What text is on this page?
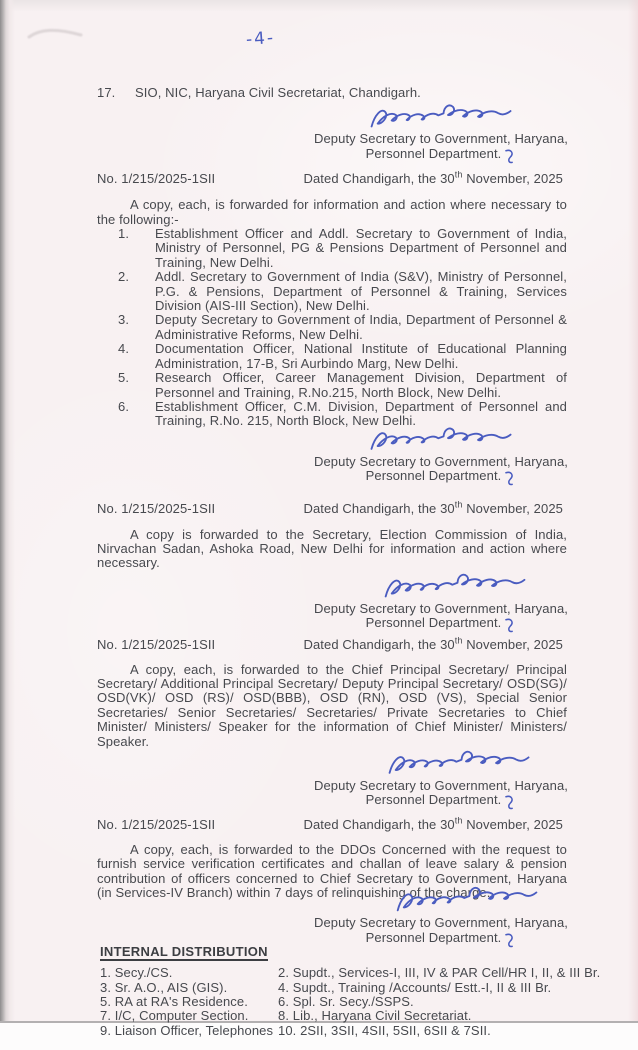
-4-
17.	SIO, NIC, Haryana Civil Secretariat, Chandigarh.
Deputy Secretary to Government, Haryana,
Personnel Department.
No. 1/215/2025-1SII	Dated Chandigarh, the 30th November, 2025

A copy, each, is forwarded for information and action where necessary to the following:-

1.	Establishment Officer and Addl. Secretary to Government of India, Ministry of Personnel, PG & Pensions Department of Personnel and Training, New Delhi.
2.	Addl. Secretary to Government of India (S&V), Ministry of Personnel, P.G. & Pensions, Department of Personnel & Training, Services Division (AIS-III Section), New Delhi.
3.	Deputy Secretary to Government of India, Department of Personnel & Administrative Reforms, New Delhi.
4.	Documentation Officer, National Institute of Educational Planning Administration, 17-B, Sri Aurbindo Marg, New Delhi.
5.	Research Officer, Career Management Division, Department of Personnel and Training, R.No.215, North Block, New Delhi.
6.	Establishment Officer, C.M. Division, Department of Personnel and Training, R.No. 215, North Block, New Delhi.
Deputy Secretary to Government, Haryana,
Personnel Department.
No. 1/215/2025-1SII	Dated Chandigarh, the 30th November, 2025

A copy is forwarded to the Secretary, Election Commission of India, Nirvachan Sadan, Ashoka Road, New Delhi for information and action where necessary.

Deputy Secretary to Government, Haryana,
Personnel Department.
No. 1/215/2025-1SII	Dated Chandigarh, the 30th November, 2025

A copy, each, is forwarded to the Chief Principal Secretary/ Principal Secretary/ Additional Principal Secretary/ Deputy Principal Secretary/ OSD(SG)/ OSD(VK)/ OSD (RS)/ OSD(BBB), OSD (RN), OSD (VS), Special Senior Secretaries/ Senior Secretaries/ Secretaries/ Private Secretaries to Chief Minister/ Ministers/ Speaker for the information of Chief Minister/ Ministers/ Speaker.

Deputy Secretary to Government, Haryana,
Personnel Department.
No. 1/215/2025-1SII	Dated Chandigarh, the 30th November, 2025

A copy, each, is forwarded to the DDOs Concerned with the request to furnish service verification certificates and challan of leave salary & pension contribution of officers concerned to Chief Secretary to Government, Haryana (in Services-IV Branch) within 7 days of relinquishing of the charge.

Deputy Secretary to Government, Haryana,
Personnel Department.
INTERNAL DISTRIBUTION
1. Secy./CS.	2. Supdt., Services-I, III, IV & PAR Cell/HR I, II, & III Br.
3. Sr. A.O., AIS (GIS).	4. Supdt., Training /Accounts/ Estt.-I, II & III Br.
5. RA at RA's Residence.	6. Spl. Sr. Secy./SSPS.
7. I/C, Computer Section.	8. Lib., Haryana Civil Secretariat.
9. Liaison Officer, Telephones 10. 2SII, 3SII, 4SII, 5SII, 6SII & 7SII.
